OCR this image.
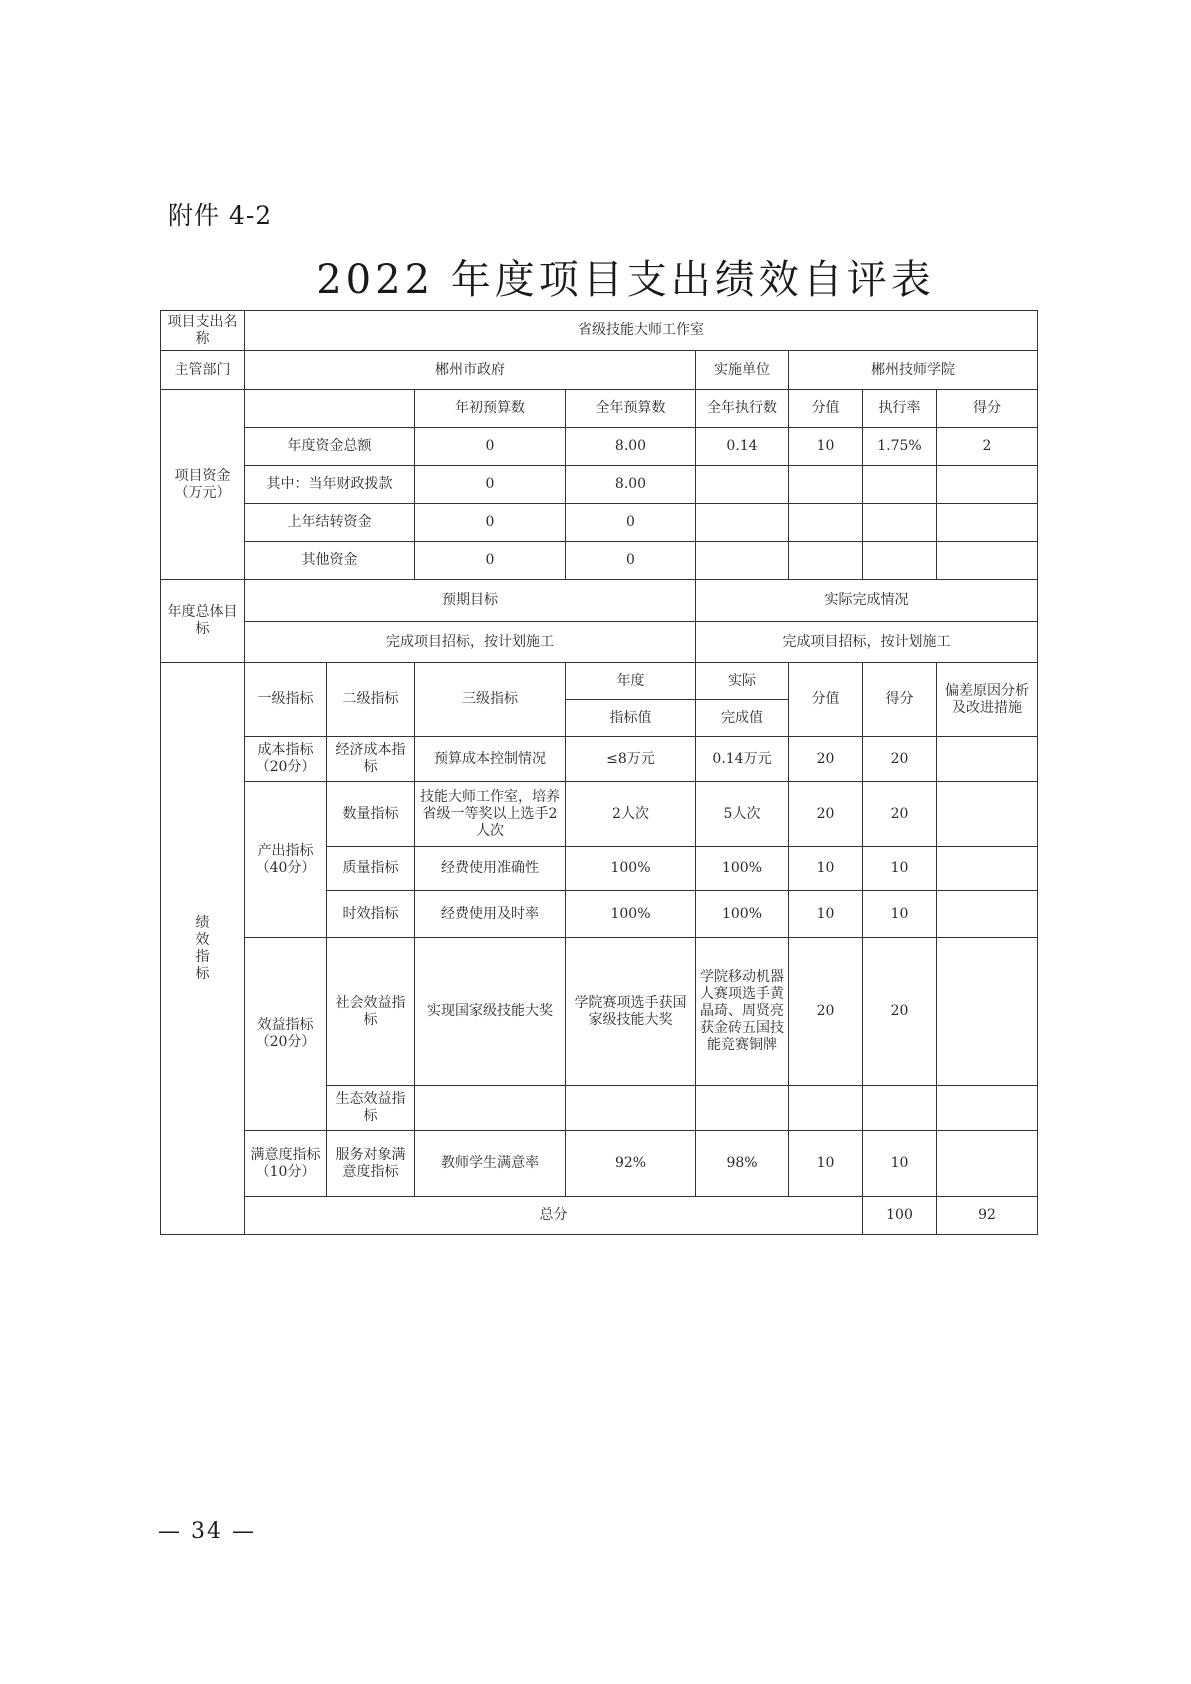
附件 4-2
2022 年度项目支出绩效自评表
项目支出名称	省级技能大师工作室								
主管部门	郴州市政府				实施单位	郴州技师学院			
项目资金（万元）			年初预算数	全年预算数	全年执行数	分值	执行率	得分	
	年度资金总额		0	8.00	0.14	10	1.75%	2	
	其中：当年财政拨款		0	8.00					
	上年结转资金		0	0					
	其他资金		0	0					
年度总体目标	预期目标				实际完成情况				
	完成项目招标，按计划施工				完成项目招标，按计划施工				
绩效指标	一级指标	二级指标	三级指标	年度	实际	分值	得分	偏差原因分析及改进措施	
				指标值	完成值				
	成本指标（20分）	经济成本指标	预算成本控制情况	≤8万元	0.14万元	20	20		
	产出指标（40分）	数量指标	技能大师工作室，培养省级一等奖以上选手2人次	2人次	5人次	20	20		
		质量指标	经费使用准确性	100%	100%	10	10		
		时效指标	经费使用及时率	100%	100%	10	10		
	效益指标（20分）	社会效益指标	实现国家级技能大奖	学院赛项选手获国家级技能大奖	学院移动机器人赛项选手黄晶琦、周贤亮获金砖五国技能竞赛铜牌	20	20		
		生态效益指标							
	满意度指标（10分）	服务对象满意度指标	教师学生满意率	92%	98%	10	10		
	总分						100	92	
— 34 —
